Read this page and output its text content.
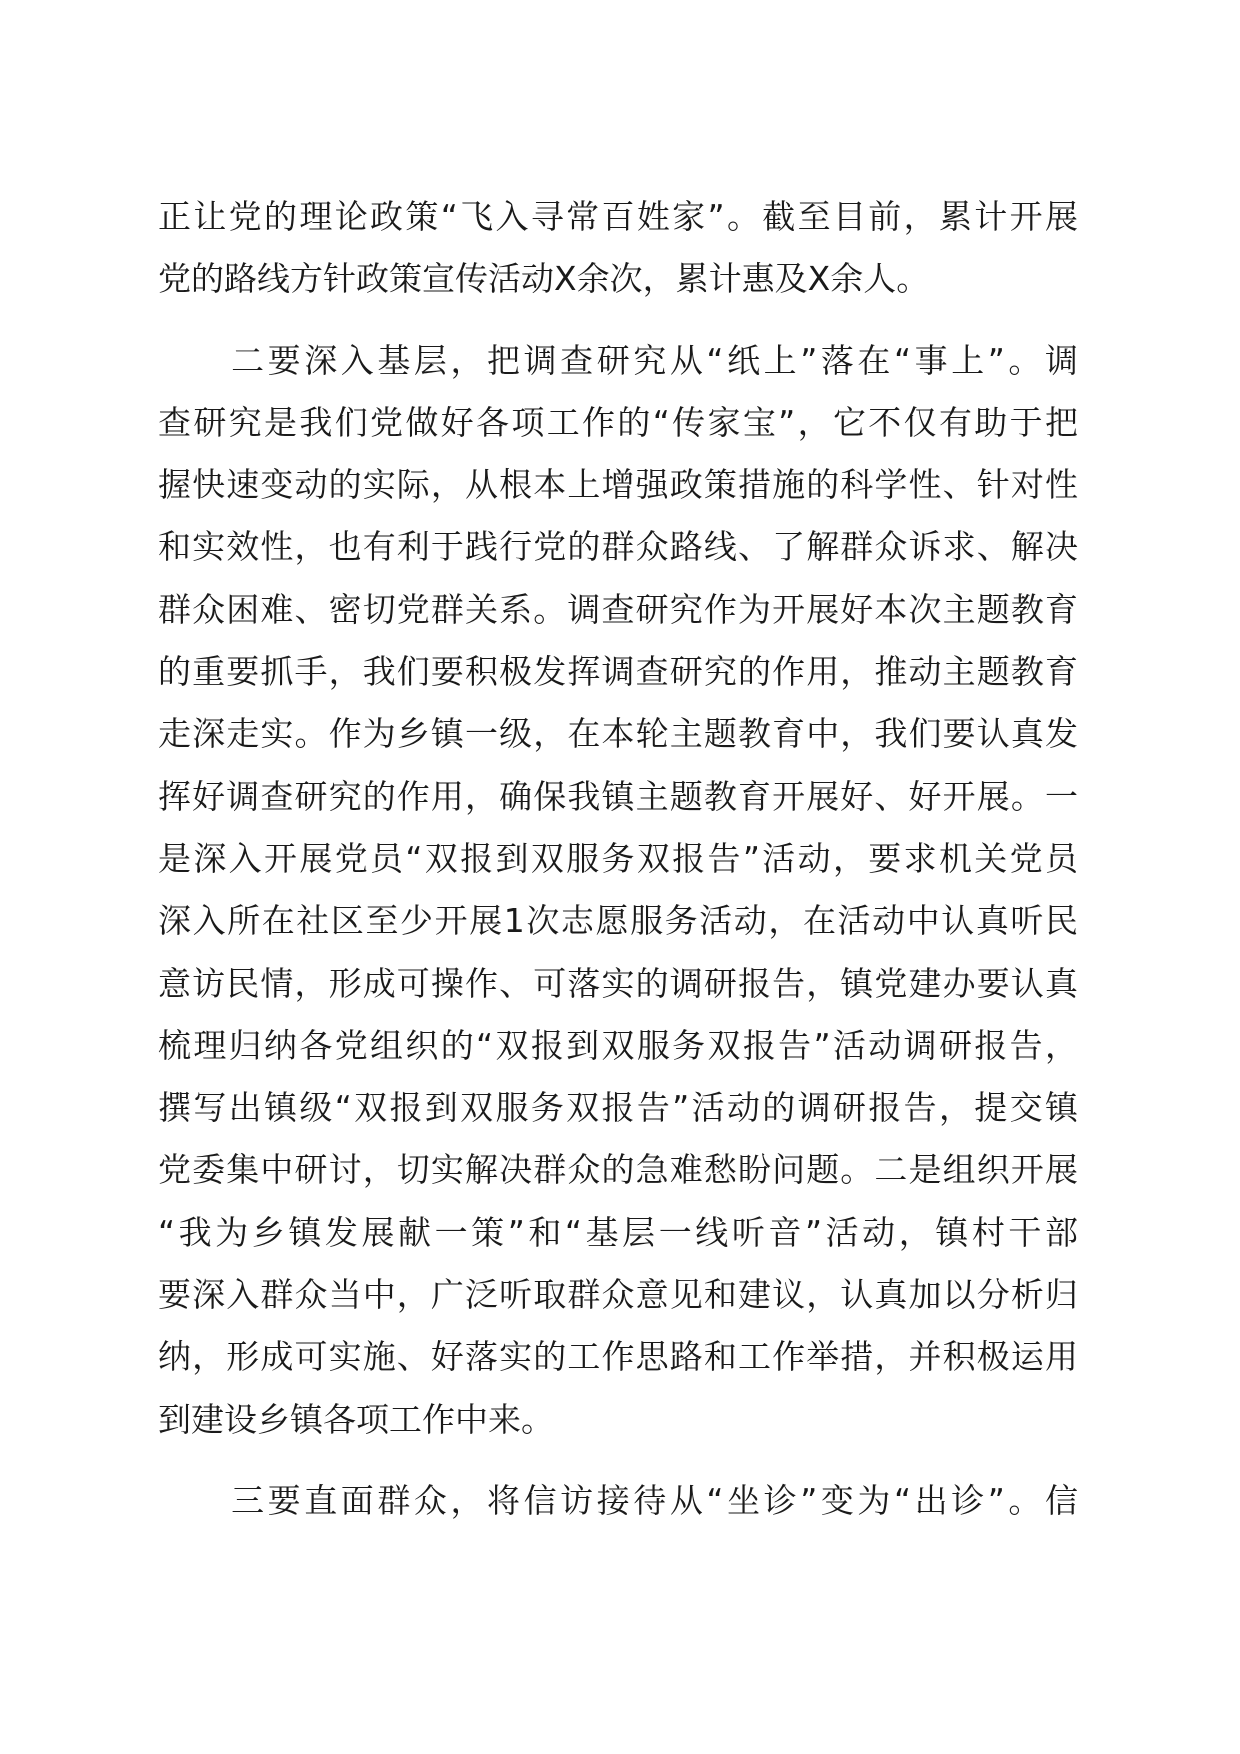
正让党的理论政策“飞入寻常百姓家”。截至目前，累计开展
党的路线方针政策宣传活动X余次，累计惠及X余人。
　　二要深入基层，把调查研究从“纸上”落在“事上”。调
查研究是我们党做好各项工作的“传家宝”，它不仅有助于把
握快速变动的实际，从根本上增强政策措施的科学性、针对性
和实效性，也有利于践行党的群众路线、了解群众诉求、解决
群众困难、密切党群关系。调查研究作为开展好本次主题教育
的重要抓手，我们要积极发挥调查研究的作用，推动主题教育
走深走实。作为乡镇一级，在本轮主题教育中，我们要认真发
挥好调查研究的作用，确保我镇主题教育开展好、好开展。一
是深入开展党员“双报到双服务双报告”活动，要求机关党员
深入所在社区至少开展1次志愿服务活动，在活动中认真听民
意访民情，形成可操作、可落实的调研报告，镇党建办要认真
梳理归纳各党组织的“双报到双服务双报告”活动调研报告，
撰写出镇级“双报到双服务双报告”活动的调研报告，提交镇
党委集中研讨，切实解决群众的急难愁盼问题。二是组织开展
“我为乡镇发展献一策”和“基层一线听音”活动，镇村干部
要深入群众当中，广泛听取群众意见和建议，认真加以分析归
纳，形成可实施、好落实的工作思路和工作举措，并积极运用
到建设乡镇各项工作中来。
　　三要直面群众，将信访接待从“坐诊”变为“出诊”。信
